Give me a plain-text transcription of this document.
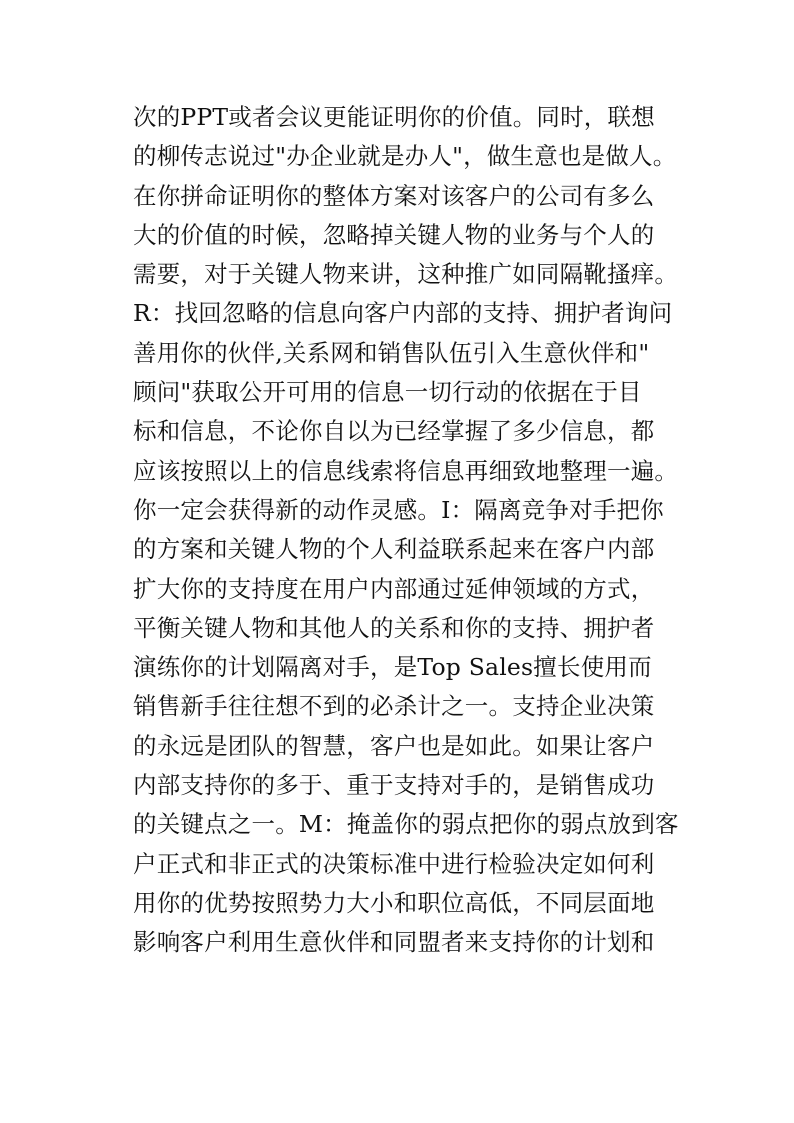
次的PPT或者会议更能证明你的价值。同时，联想
的柳传志说过"办企业就是办人"，做生意也是做人。
在你拼命证明你的整体方案对该客户的公司有多么
大的价值的时候，忽略掉关键人物的业务与个人的
需要，对于关键人物来讲，这种推广如同隔靴搔痒。
R：找回忽略的信息向客户内部的支持、拥护者询问
善用你的伙伴,关系网和销售队伍引入生意伙伴和"
顾问"获取公开可用的信息一切行动的依据在于目
标和信息，不论你自以为已经掌握了多少信息，都
应该按照以上的信息线索将信息再细致地整理一遍。
你一定会获得新的动作灵感。I：隔离竞争对手把你
的方案和关键人物的个人利益联系起来在客户内部
扩大你的支持度在用户内部通过延伸领域的方式，
平衡关键人物和其他人的关系和你的支持、拥护者
演练你的计划隔离对手，是Top Sales擅长使用而
销售新手往往想不到的必杀计之一。支持企业决策
的永远是团队的智慧，客户也是如此。如果让客户
内部支持你的多于、重于支持对手的，是销售成功
的关键点之一。M：掩盖你的弱点把你的弱点放到客
户正式和非正式的决策标准中进行检验决定如何利
用你的优势按照势力大小和职位高低，不同层面地
影响客户利用生意伙伴和同盟者来支持你的计划和
